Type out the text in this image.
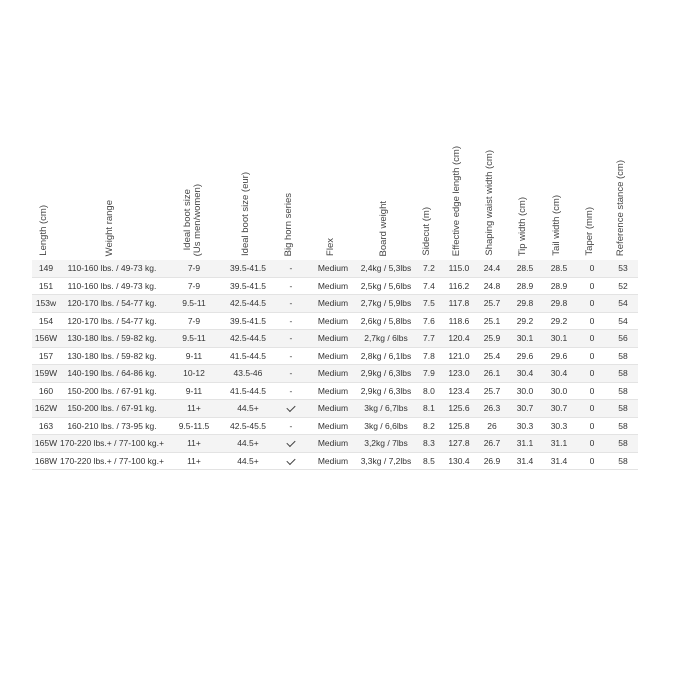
Length (cm)	Weight range	Ideal boot size
(Us men/women)	Ideal boot size (eur)	Big horn series	Flex	Board weight	Sidecut (m)	Effective edge length (cm)	Shaping waist width (cm)	Tip width (cm)	Tail width (cm)	Taper (mm)	Reference stance (cm)

149	110-160 lbs. / 49-73 kg.	7-9	39.5-41.5	-	Medium	2,4kg / 5,3lbs	7.2	115.0	24.4	28.5	28.5	0	53
151	110-160 lbs. / 49-73 kg.	7-9	39.5-41.5	-	Medium	2,5kg / 5,6lbs	7.4	116.2	24.8	28.9	28.9	0	52
153w	120-170 lbs. / 54-77 kg.	9.5-11	42.5-44.5	-	Medium	2,7kg / 5,9lbs	7.5	117.8	25.7	29.8	29.8	0	54
154	120-170 lbs. / 54-77 kg.	7-9	39.5-41.5	-	Medium	2,6kg / 5,8lbs	7.6	118.6	25.1	29.2	29.2	0	54
156W	130-180 lbs. / 59-82 kg.	9.5-11	42.5-44.5	-	Medium	2,7kg / 6lbs	7.7	120.4	25.9	30.1	30.1	0	56
157	130-180 lbs. / 59-82 kg.	9-11	41.5-44.5	-	Medium	2,8kg / 6,1lbs	7.8	121.0	25.4	29.6	29.6	0	58
159W	140-190 lbs. / 64-86 kg.	10-12	43.5-46	-	Medium	2,9kg / 6,3lbs	7.9	123.0	26.1	30.4	30.4	0	58
160	150-200 lbs. / 67-91 kg.	9-11	41.5-44.5	-	Medium	2,9kg / 6,3lbs	8.0	123.4	25.7	30.0	30.0	0	58
162W	150-200 lbs. / 67-91 kg.	11+	44.5+		Medium	3kg / 6,7lbs	8.1	125.6	26.3	30.7	30.7	0	58
163	160-210 lbs. / 73-95 kg.	9.5-11.5	42.5-45.5	-	Medium	3kg / 6,6lbs	8.2	125.8	26	30.3	30.3	0	58
165W	170-220 lbs.+ / 77-100 kg.+	11+	44.5+		Medium	3,2kg / 7lbs	8.3	127.8	26.7	31.1	31.1	0	58
168W	170-220 lbs.+ / 77-100 kg.+	11+	44.5+		Medium	3,3kg / 7,2lbs	8.5	130.4	26.9	31.4	31.4	0	58
